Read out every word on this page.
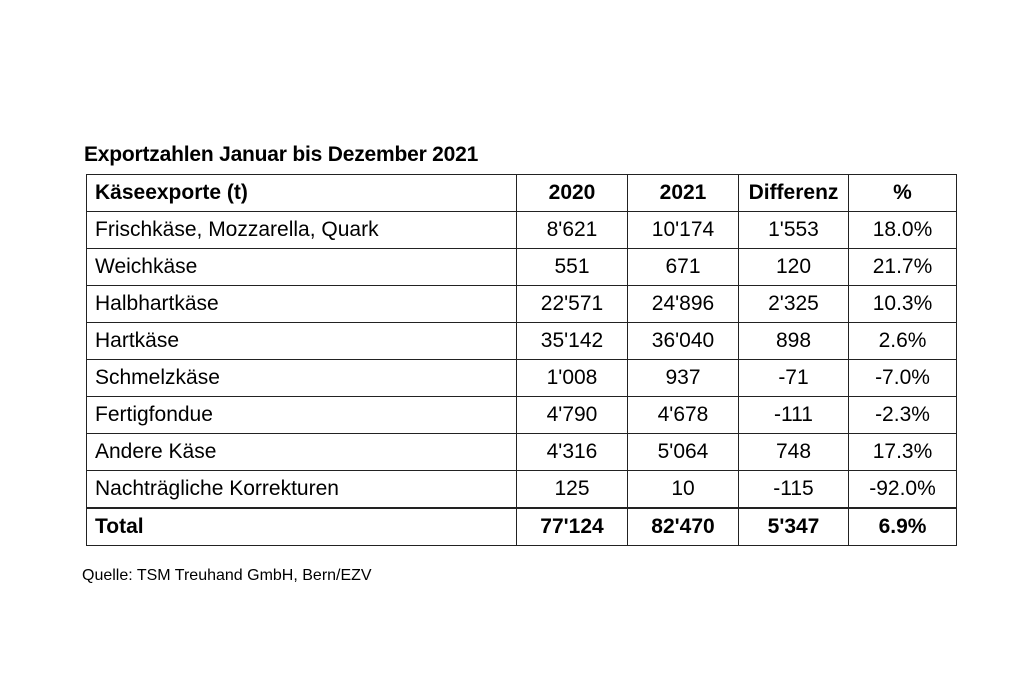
Exportzahlen Januar bis Dezember 2021
Käseexporte (t)	2020	2021	Differenz	%
Frischkäse, Mozzarella, Quark	8'621	10'174	1'553	18.0%
Weichkäse	551	671	120	21.7%
Halbhartkäse	22'571	24'896	2'325	10.3%
Hartkäse	35'142	36'040	898	2.6%
Schmelzkäse	1'008	937	-71	-7.0%
Fertigfondue	4'790	4'678	-111	-2.3%
Andere Käse	4'316	5'064	748	17.3%
Nachträgliche Korrekturen	125	10	-115	-92.0%
Total	77'124	82'470	5'347	6.9%
Quelle: TSM Treuhand GmbH, Bern/EZV
